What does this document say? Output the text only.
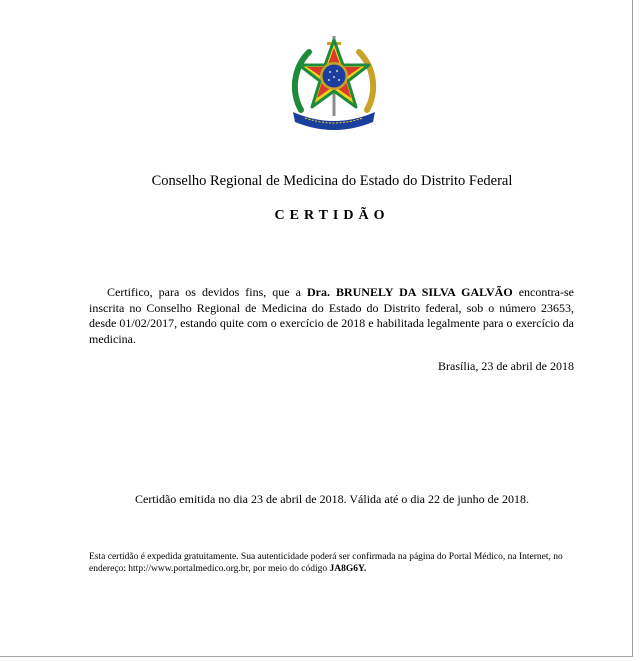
Conselho Regional de Medicina do Estado do Distrito Federal
CERTIDÃO

Certifico, para os devidos fins, que a Dra. BRUNELY DA SILVA GALVÃO encontra-se inscrita no Conselho Regional de Medicina do Estado do Distrito federal, sob o número 23653, desde 01/02/2017, estando quite com o exercício de 2018 e habilitada legalmente para o exercício da medicina.

Brasília, 23 de abril de 2018
Certidão emitida no dia 23 de abril de 2018. Válida até o dia 22 de junho de 2018.
Esta certidão é expedida gratuitamente. Sua autenticidade poderá ser confirmada na página do Portal Médico, na Internet, no endereço: http://www.portalmedico.org.br, por meio do código JA8G6Y.
